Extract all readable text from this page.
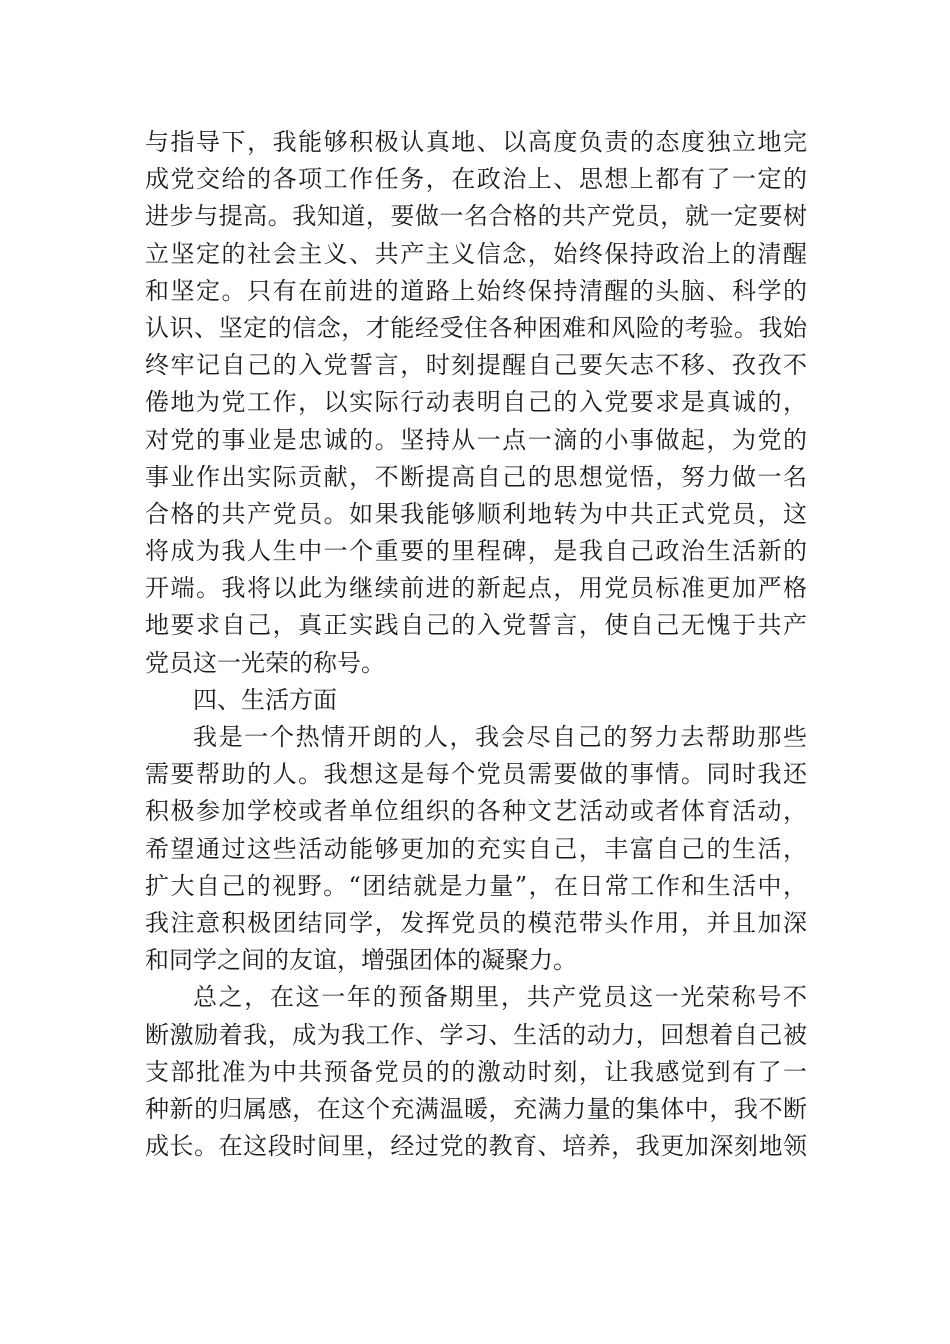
与指导下，我能够积极认真地、以高度负责的态度独立地完
成党交给的各项工作任务，在政治上、思想上都有了一定的
进步与提高。我知道，要做一名合格的共产党员，就一定要树
立坚定的社会主义、共产主义信念，始终保持政治上的清醒
和坚定。只有在前进的道路上始终保持清醒的头脑、科学的
认识、坚定的信念，才能经受住各种困难和风险的考验。我始
终牢记自己的入党誓言，时刻提醒自己要矢志不移、孜孜不
倦地为党工作，以实际行动表明自己的入党要求是真诚的，
对党的事业是忠诚的。坚持从一点一滴的小事做起，为党的
事业作出实际贡献，不断提高自己的思想觉悟，努力做一名
合格的共产党员。如果我能够顺利地转为中共正式党员，这
将成为我人生中一个重要的里程碑，是我自己政治生活新的
开端。我将以此为继续前进的新起点，用党员标准更加严格
地要求自己，真正实践自己的入党誓言，使自己无愧于共产
党员这一光荣的称号。
四、生活方面
我是一个热情开朗的人，我会尽自己的努力去帮助那些
需要帮助的人。我想这是每个党员需要做的事情。同时我还
积极参加学校或者单位组织的各种文艺活动或者体育活动，
希望通过这些活动能够更加的充实自己，丰富自己的生活，
扩大自己的视野。“团结就是力量”，在日常工作和生活中，
我注意积极团结同学，发挥党员的模范带头作用，并且加深
和同学之间的友谊，增强团体的凝聚力。
总之，在这一年的预备期里，共产党员这一光荣称号不
断激励着我，成为我工作、学习、生活的动力，回想着自己被
支部批准为中共预备党员的的激动时刻，让我感觉到有了一
种新的归属感，在这个充满温暖，充满力量的集体中，我不断
成长。在这段时间里，经过党的教育、培养，我更加深刻地领
